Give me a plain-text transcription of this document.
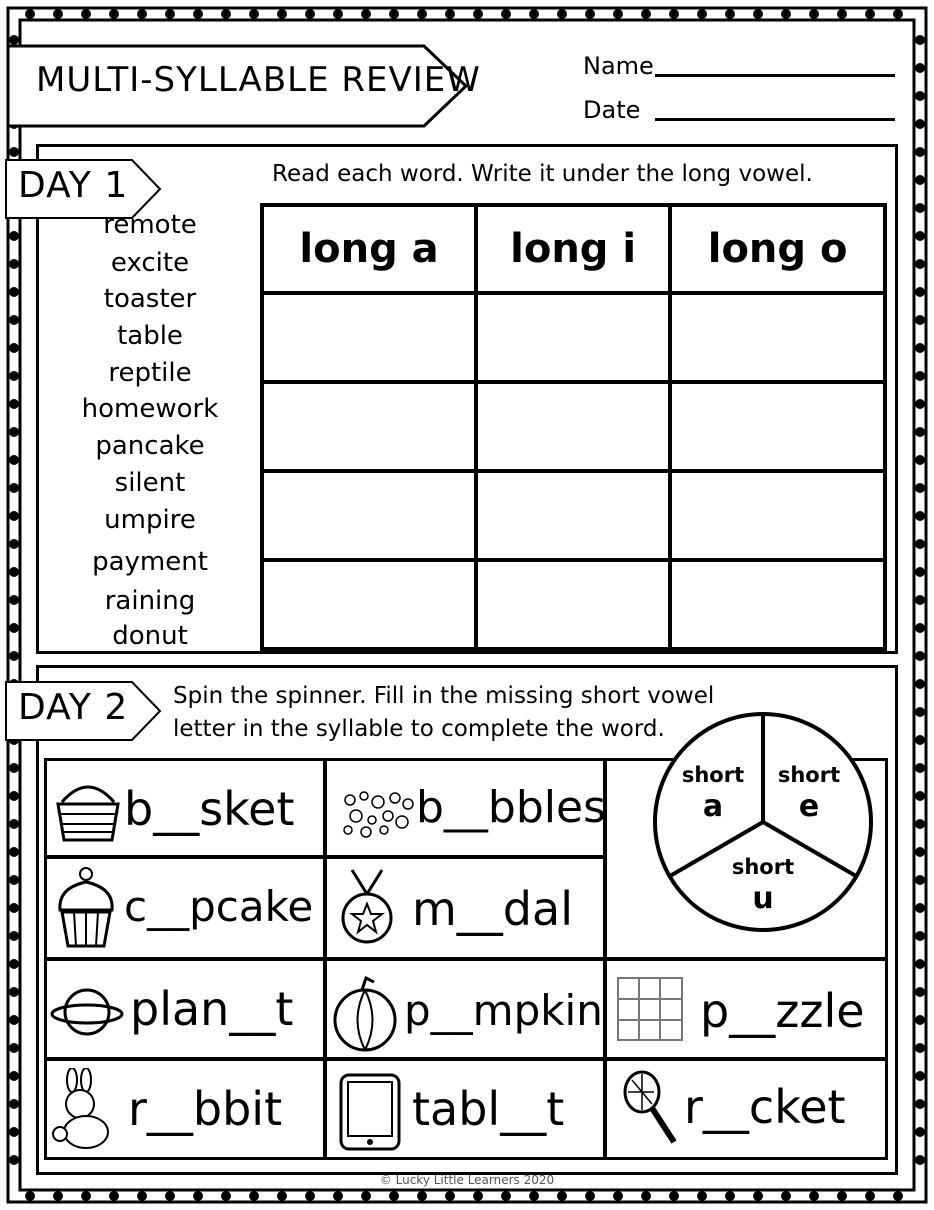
MULTI-SYLLABLE REVIEW	Name
Date
DAY 1	Read each word. Write it under the long vowel.
remote
excite
toaster
table
reptile
homework
pancake
silent
umpire
payment
raining
donut
long a	long i	long o

DAY 2 Spin the spinner. Fill in the missing short vowel
letter in the syllable to complete the word.
b__sket	b__bbles
c__pcake m__dal
plan__t	p__mpkin p__zzle
r__bbit	tabl__t	r__cket
short
a
short
e
short
u
© Lucky Little Learners 2020
